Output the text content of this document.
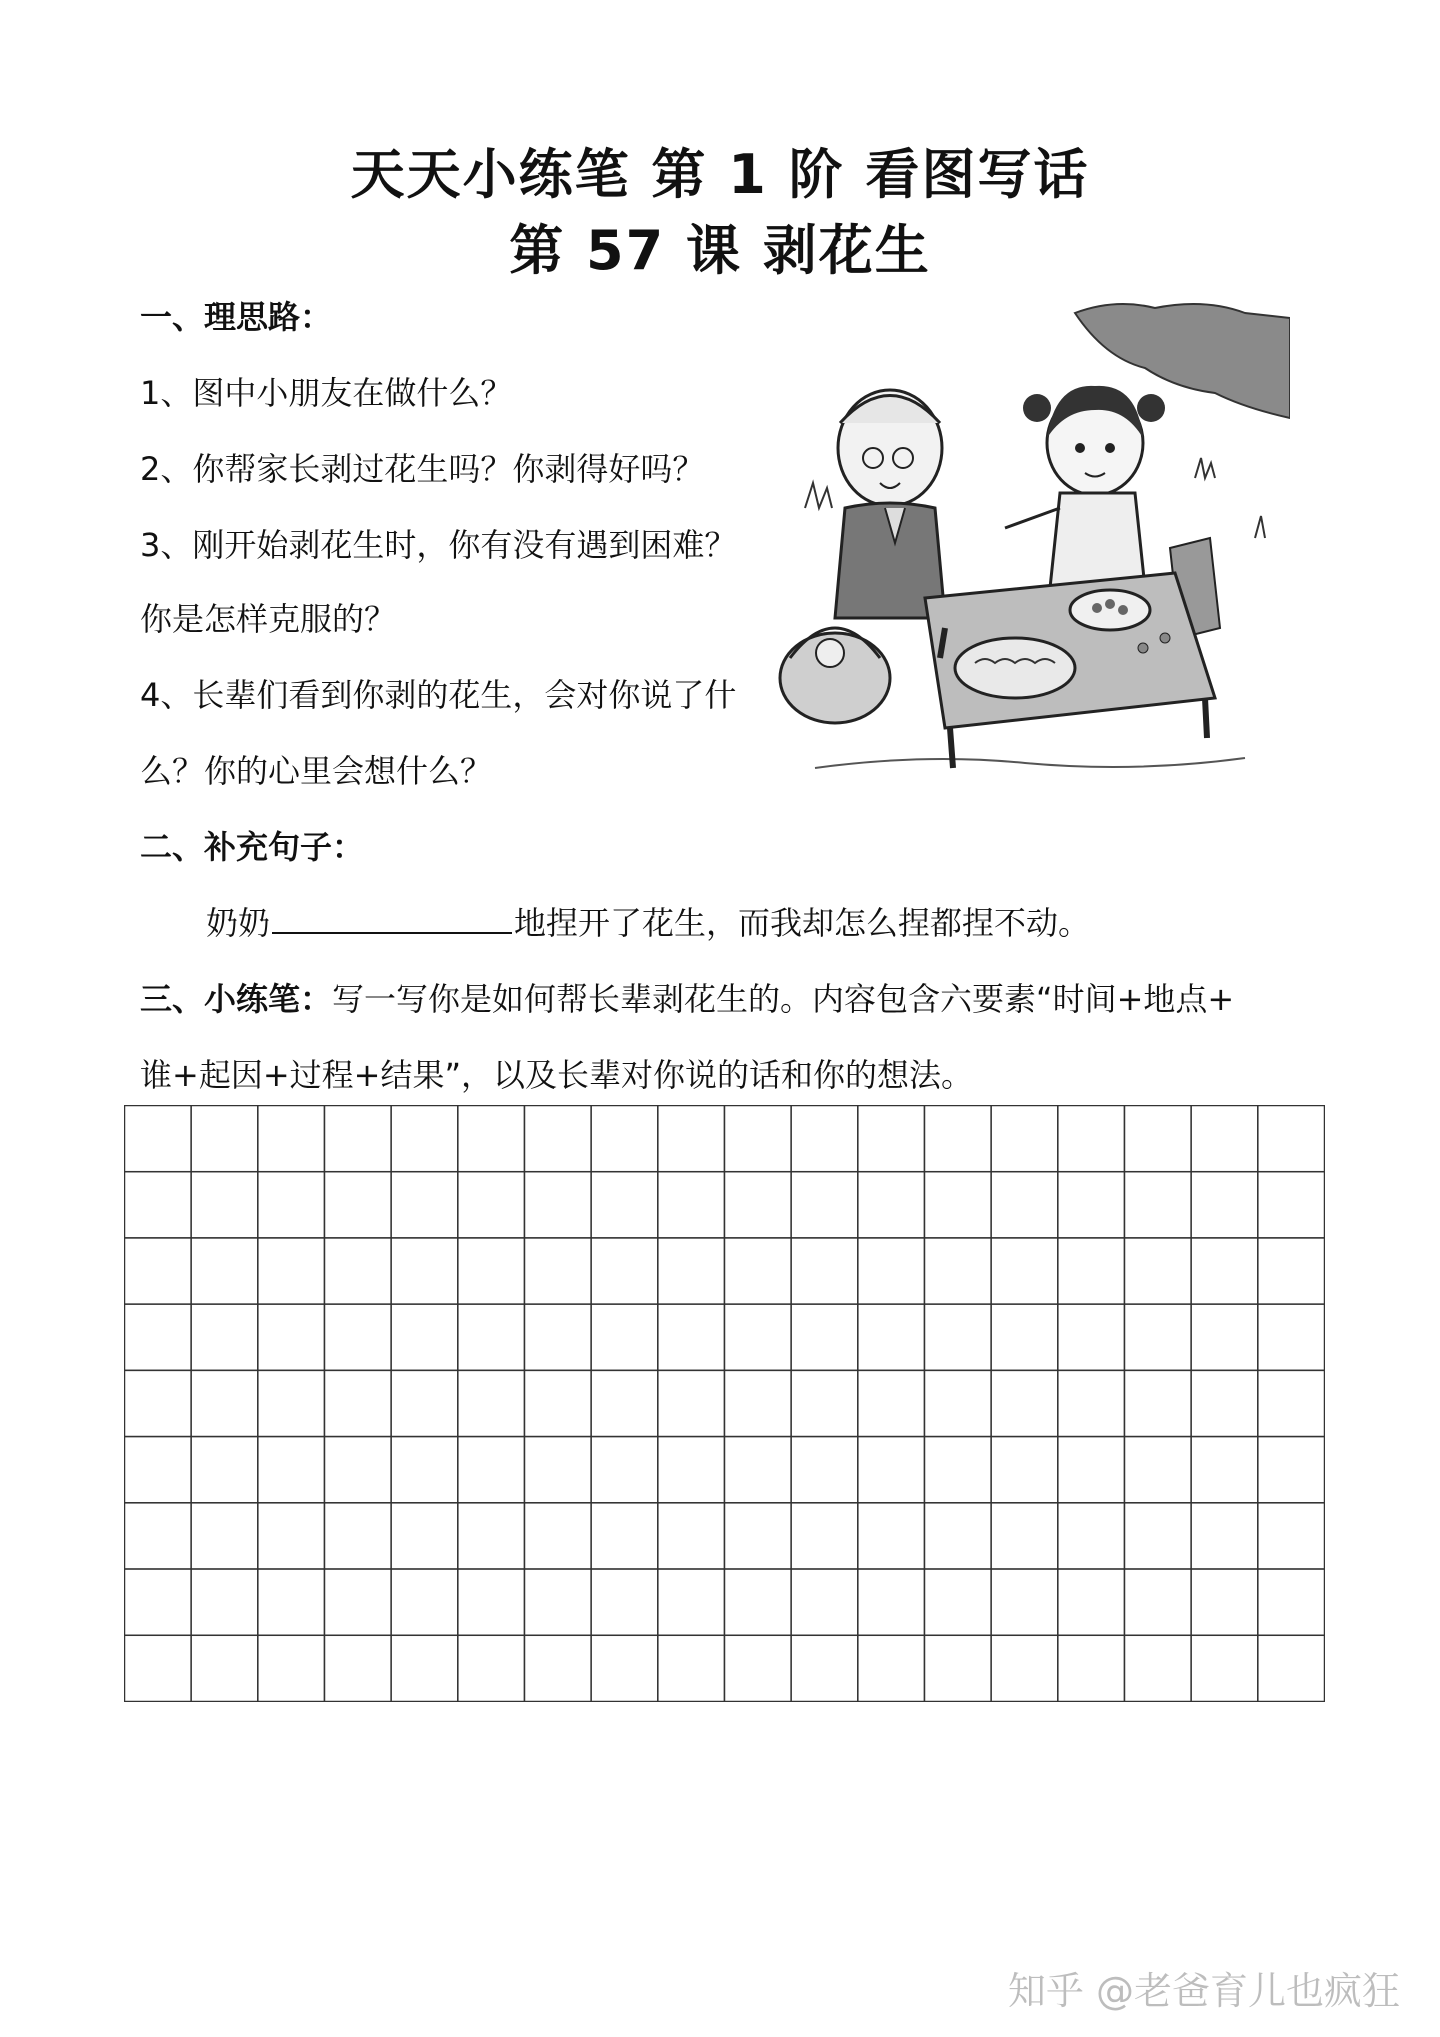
天天小练笔 第 1 阶 看图写话
第 57 课 剥花生

一、理思路：

1、图中小朋友在做什么？

2、你帮家长剥过花生吗？你剥得好吗？

3、刚开始剥花生时，你有没有遇到困难？

你是怎样克服的？

4、长辈们看到你剥的花生，会对你说了什

么？你的心里会想什么？

二、补充句子：

奶奶	地捏开了花生，而我却怎么捏都捏不动。

三、小练笔：写一写你是如何帮长辈剥花生的。内容包含六要素“时间+地点+

谁+起因+过程+结果”，以及长辈对你说的话和你的想法。

知乎 @老爸育儿也疯狂
